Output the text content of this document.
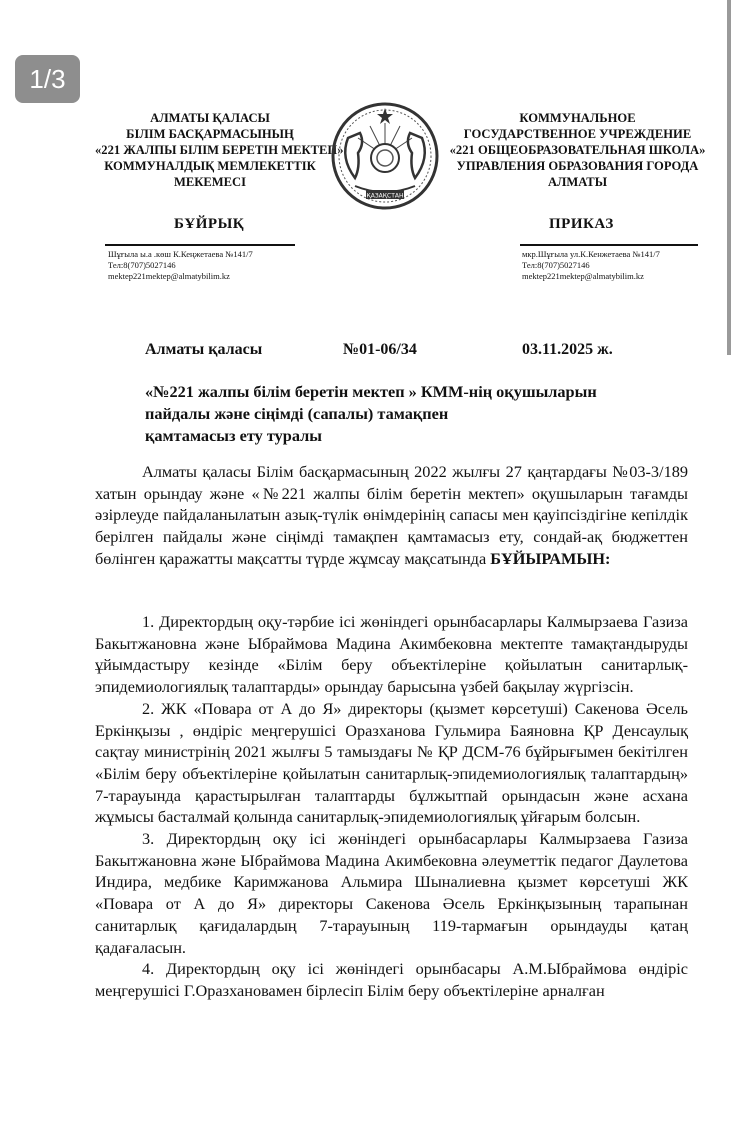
1/3
АЛМАТЫ ҚАЛАСЫ
БІЛІМ БАСҚАРМАСЫНЫҢ
«221 ЖАЛПЫ БІЛІМ БЕРЕТІН МЕКТЕП»
КОММУНАЛДЫҚ МЕМЛЕКЕТТІК
МЕКЕМЕСІ
ҚАЗАҚСТАН
КОММУНАЛЬНОЕ
ГОСУДАРСТВЕННОЕ УЧРЕЖДЕНИЕ
«221 ОБЩЕОБРАЗОВАТЕЛЬНАЯ ШКОЛА»
УПРАВЛЕНИЯ ОБРАЗОВАНИЯ ГОРОДА
АЛМАТЫ
БҰЙРЫҚ	ПРИКАЗ
Шұғыла ы.а .көш К.Кеңжетаева №141/7
Тел:8(707)5027146
mektep221mektep@almatybilim.kz
мкр.Шұғыла ул.К.Кенжетаева №141/7
Тел:8(707)5027146
mektep221mektep@almatybilim.kz
Алматы қаласы	№01-06/34	03.11.2025 ж.
«№221 жалпы білім беретін мектеп » КММ-нің оқушыларын
пайдалы және сіңімді (сапалы) тамақпен
қамтамасыз ету туралы

Алматы қаласы Білім басқармасының 2022 жылғы 27 қаңтардағы №03-3/189 хатын орындау және «№221 жалпы білім беретін мектеп» оқушыларын тағамды әзірлеуде пайдаланылатын азық-түлік өнімдерінің сапасы мен қауіпсіздігіне кепілдік берілген пайдалы және сіңімді тамақпен қамтамасыз ету, сондай-ақ бюджеттен бөлінген қаражатты мақсатты түрде жұмсау мақсатында БҰЙЫРАМЫН:

1. Директордың оқу-тәрбие ісі жөніндегі орынбасарлары Калмырзаева Газиза Бакытжановна және Ыбраймова Мадина Акимбековна мектепте тамақтандыруды ұйымдастыру кезінде «Білім беру объектілеріне қойылатын санитарлық-эпидемиологиялық талаптарды» орындау барысына үзбей бақылау жүргізсін.

2. ЖК «Повара от А до Я» директоры (қызмет көрсетуші) Сакенова Әсель Еркінқызы , өндіріс меңгерушісі Оразханова Гульмира Баяновна ҚР Денсаулық сақтау министрінің 2021 жылғы 5 тамыздағы № ҚР ДСМ-76 бұйрығымен бекітілген «Білім беру объектілеріне қойылатын санитарлық-эпидемиологиялық талаптардың» 7-тарауында қарастырылған талаптарды бұлжытпай орындасын және асхана жұмысы басталмай қолында санитарлық-эпидемиологиялық ұйғарым болсын.

3. Директордың оқу ісі жөніндегі орынбасарлары Калмырзаева Газиза Бакытжановна және Ыбраймова Мадина Акимбековна әлеуметтік педагог Даулетова Индира, медбике Каримжанова Альмира Шыналиевна қызмет көрсетуші ЖК «Повара от А до Я» директоры Сакенова Әсель Еркінқызының тарапынан санитарлық қағидалардың 7-тарауының 119-тармағын орындауды қатаң қадағаласын.

4. Директордың оқу ісі жөніндегі орынбасары А.М.Ыбраймова өндіріс меңгерушісі Г.Оразхановамен бірлесіп Білім беру объектілеріне арналған
